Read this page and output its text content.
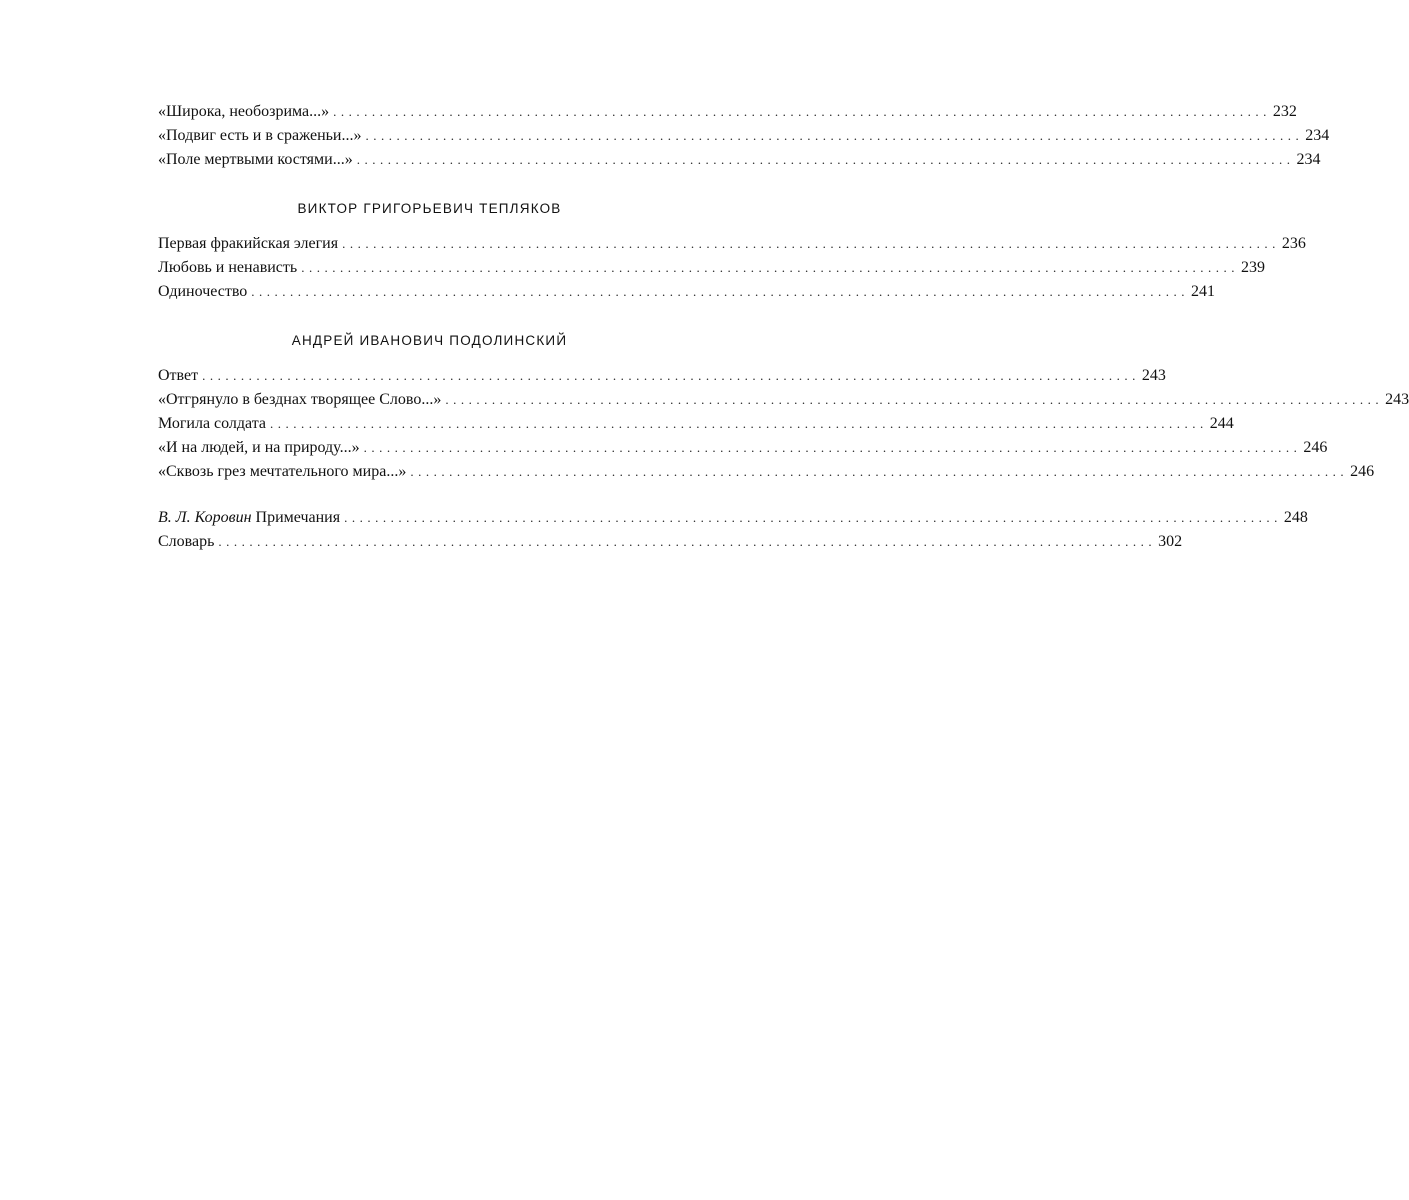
«Широка, необозрима...» ......................................................................................................................... 232
«Подвиг есть и в сраженьи...» ......................................................................................................................... 234
«Поле мертвыми костями...» ......................................................................................................................... 234
ВИКТОР ГРИГОРЬЕВИЧ ТЕПЛЯКОВ
Первая фракийская элегия ......................................................................................................................... 236
Любовь и ненависть ......................................................................................................................... 239
Одиночество ......................................................................................................................... 241
АНДРЕЙ ИВАНОВИЧ ПОДОЛИНСКИЙ
Ответ ......................................................................................................................... 243
«Отгрянуло в безднах творящее Слово...» ......................................................................................................................... 243
Могила солдата ......................................................................................................................... 244
«И на людей, и на природу...» ......................................................................................................................... 246
«Сквозь грез мечтательного мира...» ......................................................................................................................... 246
В. Л. Коровин Примечания ......................................................................................................................... 248
Словарь ......................................................................................................................... 302
